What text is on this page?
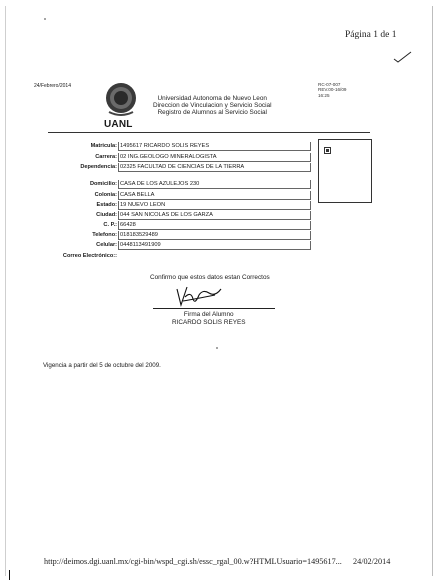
Página 1 de 1
24/Febrero/2014	RC-07-007
REV.00-16/09
16:25
UANL
Universidad Autonoma de Nuevo Leon
Direccion de Vinculacion y Servicio Social
Registro de Alumnos al Servicio Social
Matricula: 1495617 RICARDO SOLIS REYES
Carrera: 02 ING.GEOLOGO MINERALOGISTA
Dependencia: 02325 FACULTAD DE CIENCIAS DE LA TIERRA
Domicilio: CASA DE LOS AZULEJOS 230
Colonia: CASA BELLA
Estado: 19 NUEVO LEON
Ciudad: 044 SAN NICOLAS DE LOS GARZA
C. P.: 66428
Telefono: 018183529489
Celular: 0448113491909
Correo Electrónico::
Confirmo que estos datos estan Correctos
Firma del Alumno
RICARDO SOLIS REYES
Vigencia a partir del 5 de octubre del 2009.
http://deimos.dgi.uanl.mx/cgi-bin/wspd_cgi.sh/essc_rgal_00.w?HTMLUsuario=1495617... 24/02/2014
